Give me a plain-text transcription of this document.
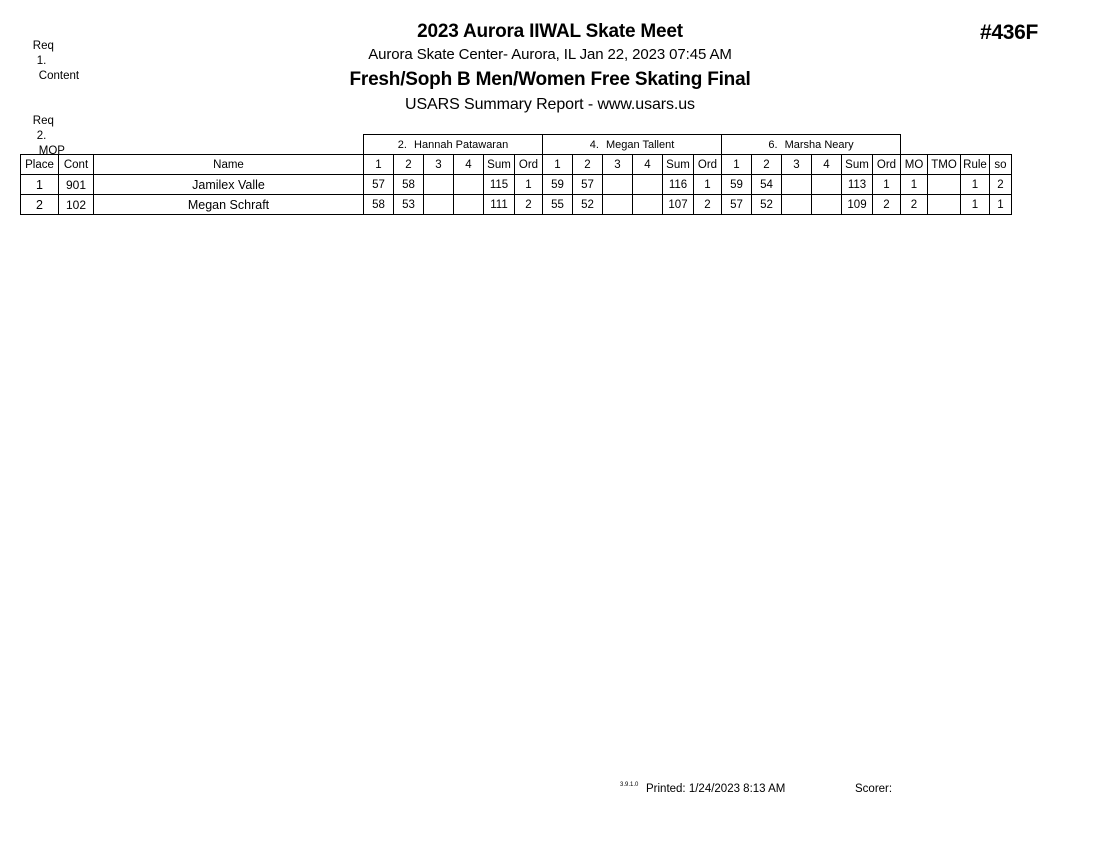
Req
1.
Content

Req
2.
MOP

#436F
2023 Aurora IIWAL Skate Meet
Aurora Skate Center- Aurora, IL Jan 22, 2023 07:45 AM
Fresh/Soph B Men/Women Free Skating Final
USARS Summary Report - www.usars.us
			2. Hannah Patawaran						4. Megan Tallent						6. Marsha Neary									
Place	Cont	Name	1	2	3	4	Sum	Ord	1	2	3	4	Sum	Ord	1	2	3	4	Sum	Ord	MO	TMO	Rule	so
1	901	Jamilex Valle	57	58			115	1	59	57			116	1	59	54			113	1	1		1	2
2	102	Megan Schraft	58	53			111	2	55	52			107	2	57	52			109	2	2		1	1
3.9.1.0 Printed: 1/24/2023 8:13 AM	Scorer:
